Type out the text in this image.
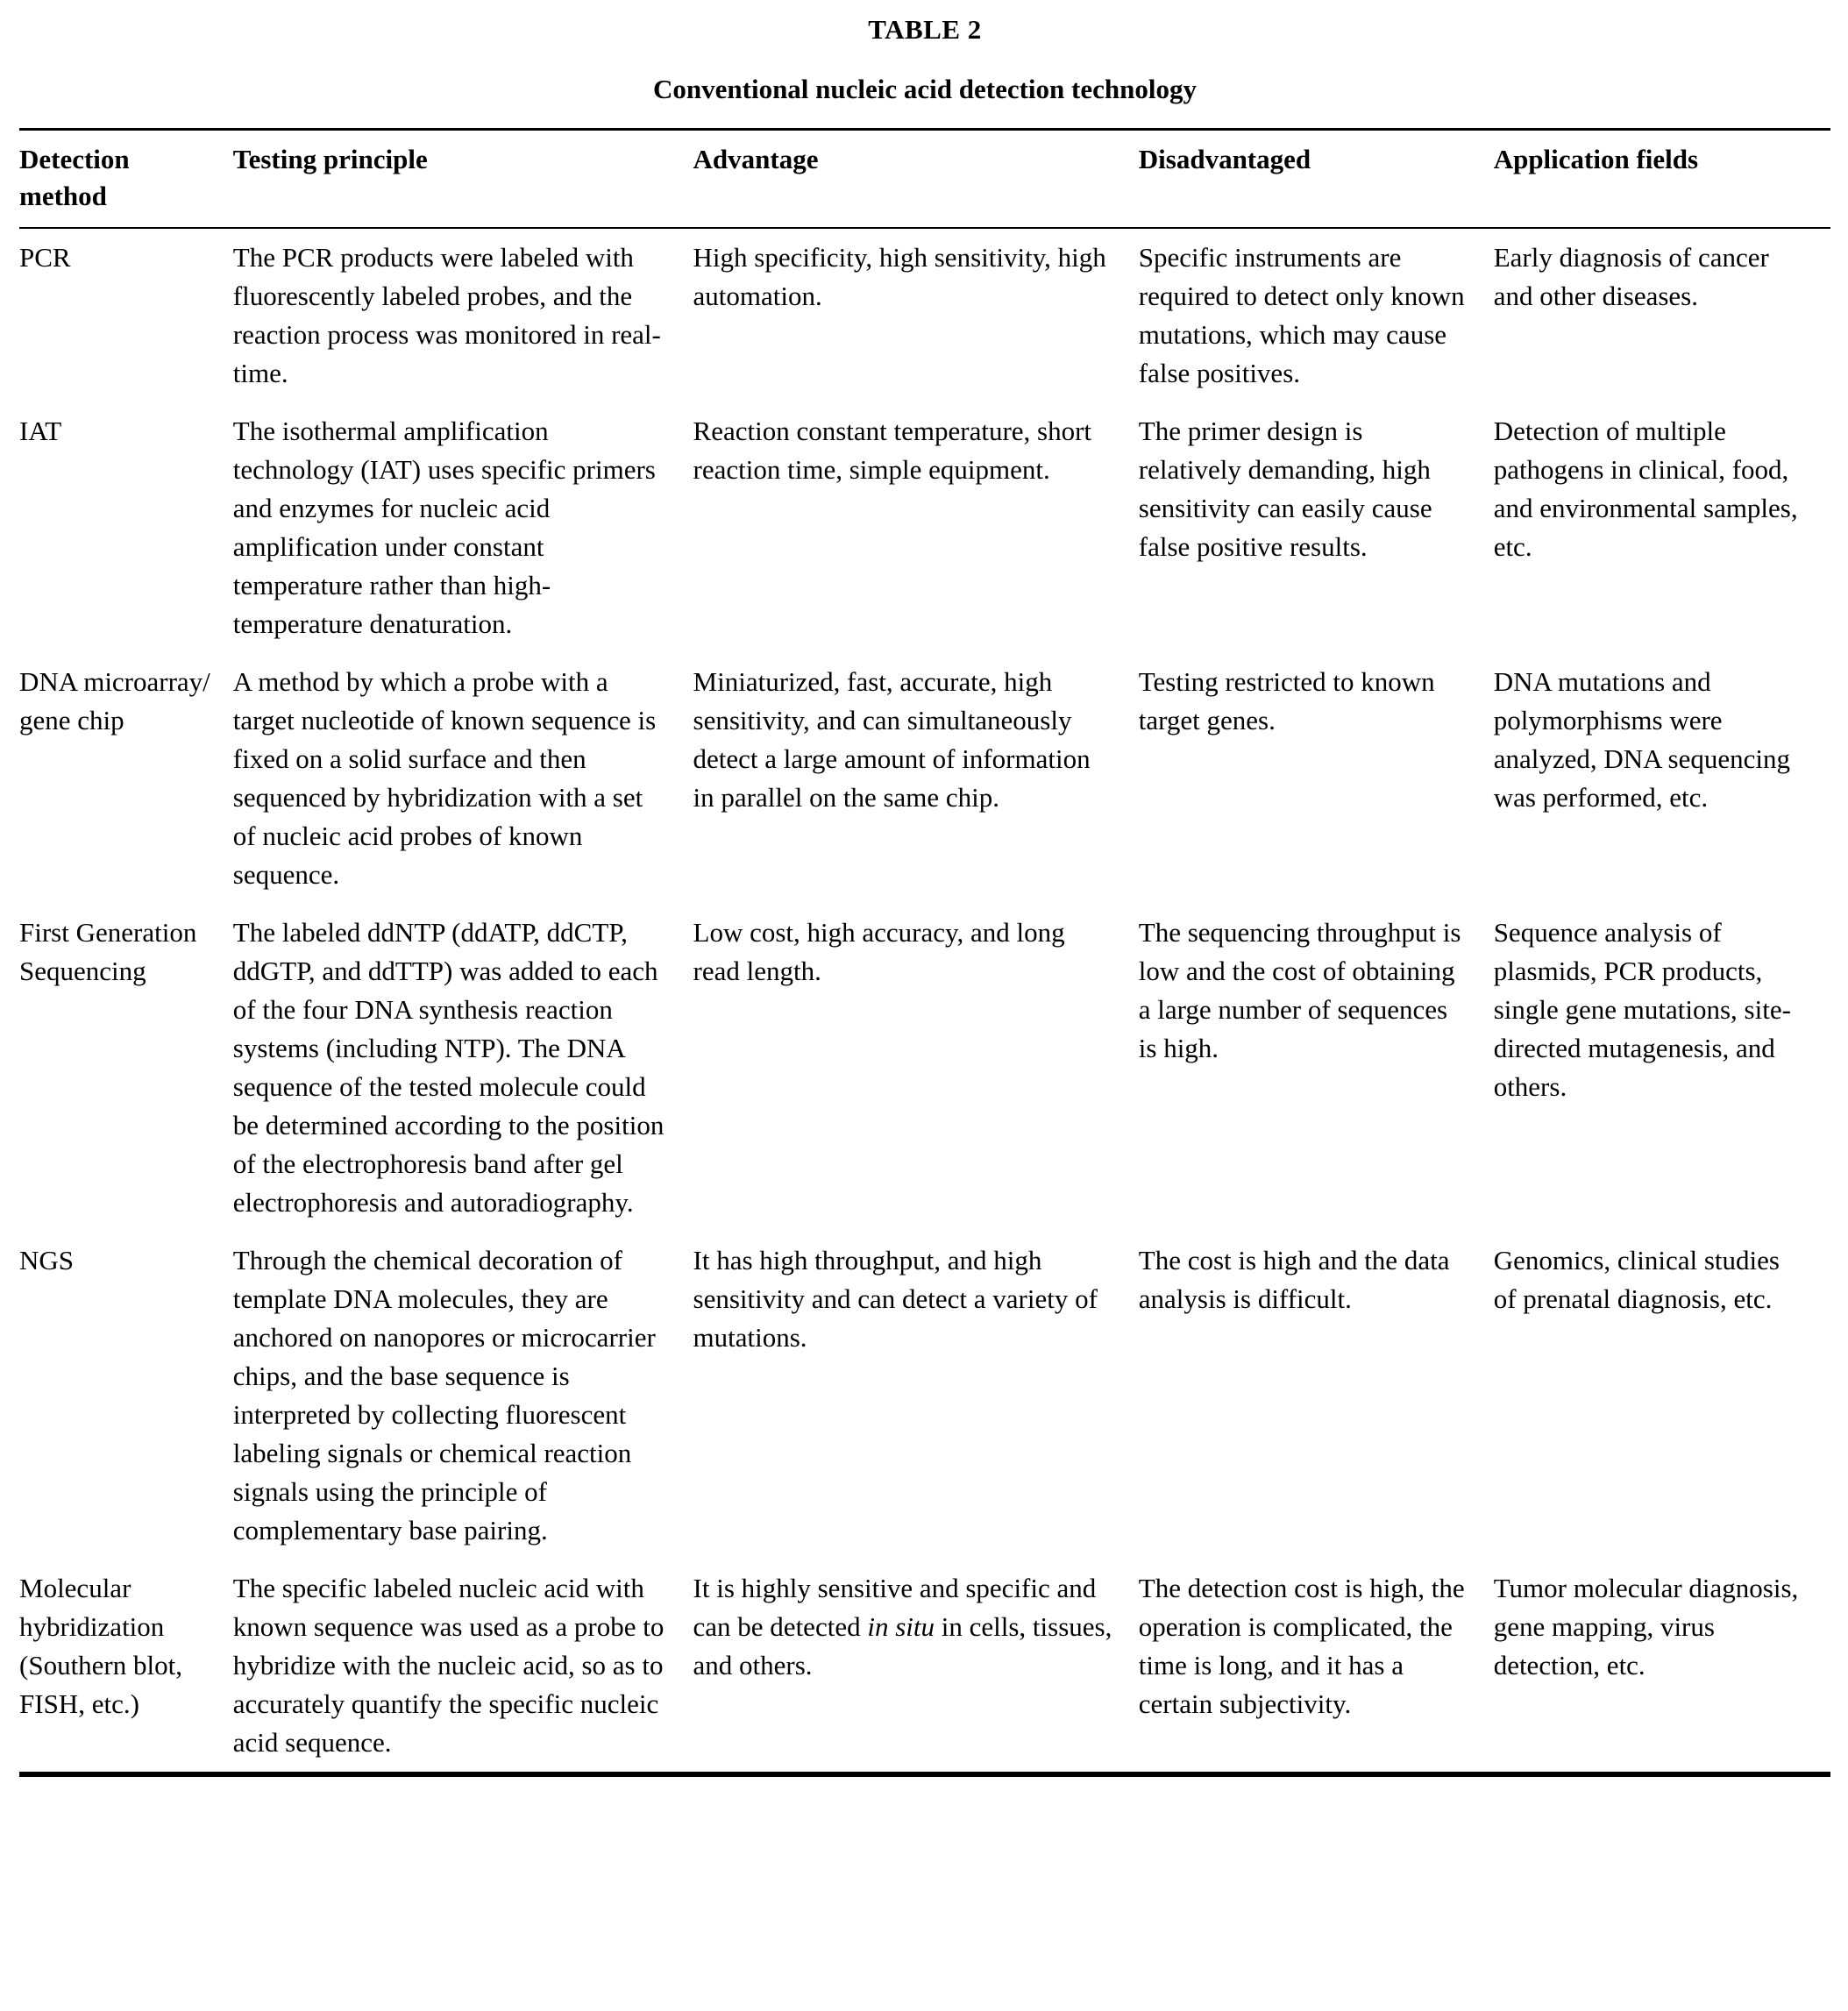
TABLE 2
Conventional nucleic acid detection technology
Detection method	Testing principle	Advantage	Disadvantaged	Application fields
PCR	The PCR products were labeled with fluorescently labeled probes, and the reaction process was monitored in real-time.	High specificity, high sensitivity, high automation.	Specific instruments are required to detect only known mutations, which may cause false positives.	Early diagnosis of cancer and other diseases.
IAT	The isothermal amplification technology (IAT) uses specific primers and enzymes for nucleic acid amplification under constant temperature rather than high-temperature denaturation.	Reaction constant temperature, short reaction time, simple equipment.	The primer design is relatively demanding, high sensitivity can easily cause false positive results.	Detection of multiple pathogens in clinical, food, and environmental samples, etc.
DNA microarray/ gene chip	A method by which a probe with a target nucleotide of known sequence is fixed on a solid surface and then sequenced by hybridization with a set of nucleic acid probes of known sequence.	Miniaturized, fast, accurate, high sensitivity, and can simultaneously detect a large amount of information in parallel on the same chip.	Testing restricted to known target genes.	DNA mutations and polymorphisms were analyzed, DNA sequencing was performed, etc.
First Generation Sequencing	The labeled ddNTP (ddATP, ddCTP, ddGTP, and ddTTP) was added to each of the four DNA synthesis reaction systems (including NTP). The DNA sequence of the tested molecule could be determined according to the position of the electrophoresis band after gel electrophoresis and autoradiography.	Low cost, high accuracy, and long read length.	The sequencing throughput is low and the cost of obtaining a large number of sequences is high.	Sequence analysis of plasmids, PCR products, single gene mutations, site-directed mutagenesis, and others.
NGS	Through the chemical decoration of template DNA molecules, they are anchored on nanopores or microcarrier chips, and the base sequence is interpreted by collecting fluorescent labeling signals or chemical reaction signals using the principle of complementary base pairing.	It has high throughput, and high sensitivity and can detect a variety of mutations.	The cost is high and the data analysis is difficult.	Genomics, clinical studies of prenatal diagnosis, etc.
Molecular hybridization (Southern blot, FISH, etc.)	The specific labeled nucleic acid with known sequence was used as a probe to hybridize with the nucleic acid, so as to accurately quantify the specific nucleic acid sequence.	It is highly sensitive and specific and can be detected in situ in cells, tissues, and others.	The detection cost is high, the operation is complicated, the time is long, and it has a certain subjectivity.	Tumor molecular diagnosis, gene mapping, virus detection, etc.
